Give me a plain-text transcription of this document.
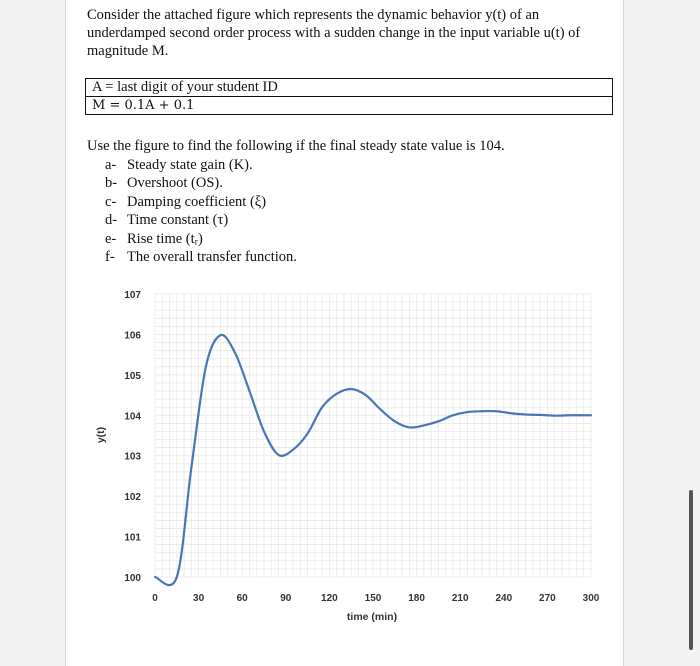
Consider the attached figure which represents the dynamic behavior y(t) of an underdamped second order process with a sudden change in the input variable u(t) of magnitude M.

A = last digit of your student ID
M = 0.1A + 0.1

Use the figure to find the following if the final steady state value is 104.

a- Steady state gain (K).
b- Overshoot (OS).
c- Damping coefficient (ξ)
d- Time constant (τ)
e- Rise time (tᵣ)
f- The overall transfer function.
100
101
102
103
104
105
106
107
0	30	60	90	120	150	180	210	240	270	300
time (min)
y(t)
